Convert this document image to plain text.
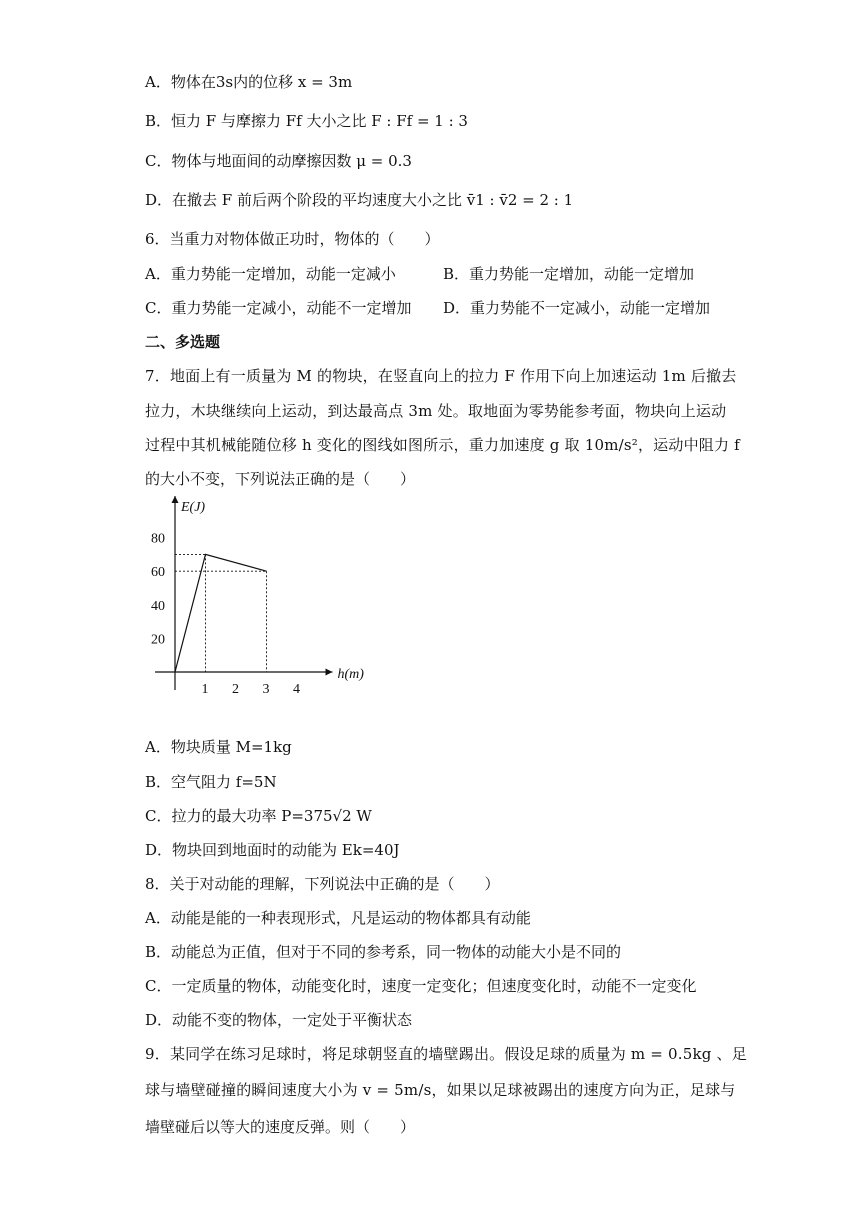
A．物体在3s内的位移 x = 3m
B．恒力 F 与摩擦力 Ff 大小之比 F : Ff = 1 : 3
C．物体与地面间的动摩擦因数 μ = 0.3
D．在撤去 F 前后两个阶段的平均速度大小之比 v̄1 : v̄2 = 2 : 1
6．当重力对物体做正功时，物体的（　　）
A．重力势能一定增加，动能一定减小	B．重力势能一定增加，动能一定增加
C．重力势能一定减小，动能不一定增加 D．重力势能不一定减小，动能一定增加
二、多选题
7．地面上有一质量为 M 的物块，在竖直向上的拉力 F 作用下向上加速运动 1m 后撤去
拉力，木块继续向上运动，到达最高点 3m 处。取地面为零势能参考面，物块向上运动
过程中其机械能随位移 h 变化的图线如图所示，重力加速度 g 取 10m/s²，运动中阻力 f
的大小不变，下列说法正确的是（　　）
E(J)
h(m)
1 2 3 4
20
40
60
80
A．物块质量 M=1kg
B．空气阻力 f=5N
C．拉力的最大功率 P=375√2 W
D．物块回到地面时的动能为 Ek=40J
8．关于对动能的理解，下列说法中正确的是（　　）
A．动能是能的一种表现形式，凡是运动的物体都具有动能
B．动能总为正值，但对于不同的参考系，同一物体的动能大小是不同的
C．一定质量的物体，动能变化时，速度一定变化；但速度变化时，动能不一定变化
D．动能不变的物体，一定处于平衡状态
9．某同学在练习足球时，将足球朝竖直的墙壁踢出。假设足球的质量为 m = 0.5kg 、足
球与墙壁碰撞的瞬间速度大小为 v = 5m/s，如果以足球被踢出的速度方向为正，足球与
墙壁碰后以等大的速度反弹。则（　　）
